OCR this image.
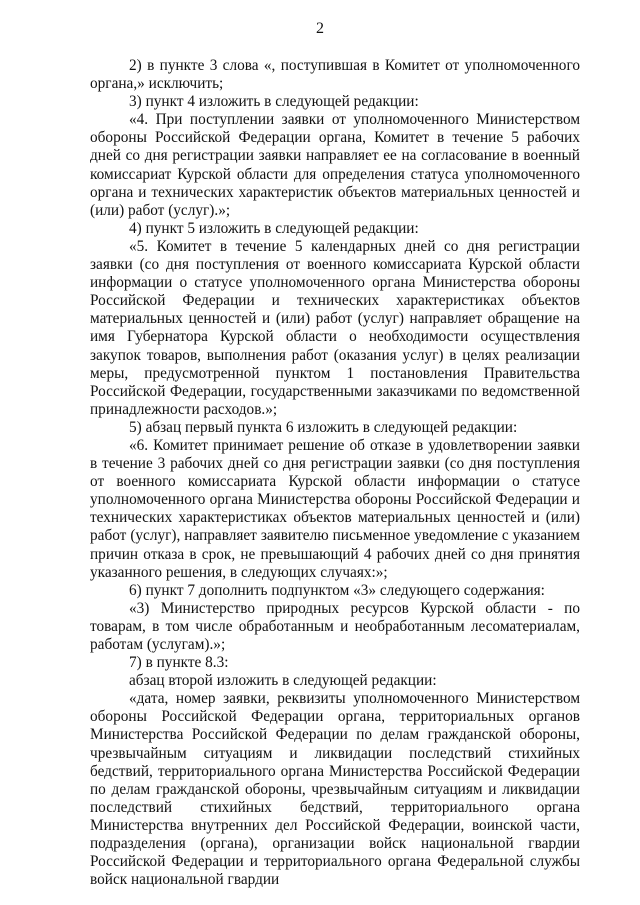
2

2) в пункте 3 слова «, поступившая в Комитет от уполномоченного органа,» исключить;

3) пункт 4 изложить в следующей редакции:

«4. При поступлении заявки от уполномоченного Министерством обороны Российской Федерации органа, Комитет в течение 5 рабочих дней со дня регистрации заявки направляет ее на согласование в военный комиссариат Курской области для определения статуса уполномоченного органа и технических характеристик объектов материальных ценностей и (или) работ (услуг).»;

4) пункт 5 изложить в следующей редакции:

«5. Комитет в течение 5 календарных дней со дня регистрации заявки (со дня поступления от военного комиссариата Курской области информации о статусе уполномоченного органа Министерства обороны Российской Федерации и технических характеристиках объектов материальных ценностей и (или) работ (услуг) направляет обращение на имя Губернатора Курской области о необходимости осуществления закупок товаров, выполнения работ (оказания услуг) в целях реализации меры, предусмотренной пунктом 1 постановления Правительства Российской Федерации, государственными заказчиками по ведомственной принадлежности расходов.»;

5) абзац первый пункта 6 изложить в следующей редакции:

«6. Комитет принимает решение об отказе в удовлетворении заявки в течение 3 рабочих дней со дня регистрации заявки (со дня поступления от военного комиссариата Курской области информации о статусе уполномоченного органа Министерства обороны Российской Федерации и технических характеристиках объектов материальных ценностей и (или) работ (услуг), направляет заявителю письменное уведомление с указанием причин отказа в срок, не превышающий 4 рабочих дней со дня принятия указанного решения, в следующих случаях:»;

6) пункт 7 дополнить подпунктом «3» следующего содержания:

«3) Министерство природных ресурсов Курской области - по товарам, в том числе обработанным и необработанным лесоматериалам, работам (услугам).»;

7) в пункте 8.3:

абзац второй изложить в следующей редакции:

«дата, номер заявки, реквизиты уполномоченного Министерством обороны Российской Федерации органа, территориальных органов Министерства Российской Федерации по делам гражданской обороны, чрезвычайным ситуациям и ликвидации последствий стихийных бедствий, территориального органа Министерства Российской Федерации по делам гражданской обороны, чрезвычайным ситуациям и ликвидации последствий стихийных бедствий, территориального органа Министерства внутренних дел Российской Федерации, воинской части, подразделения (органа), организации войск национальной гвардии Российской Федерации и территориального органа Федеральной службы войск национальной гвардии
